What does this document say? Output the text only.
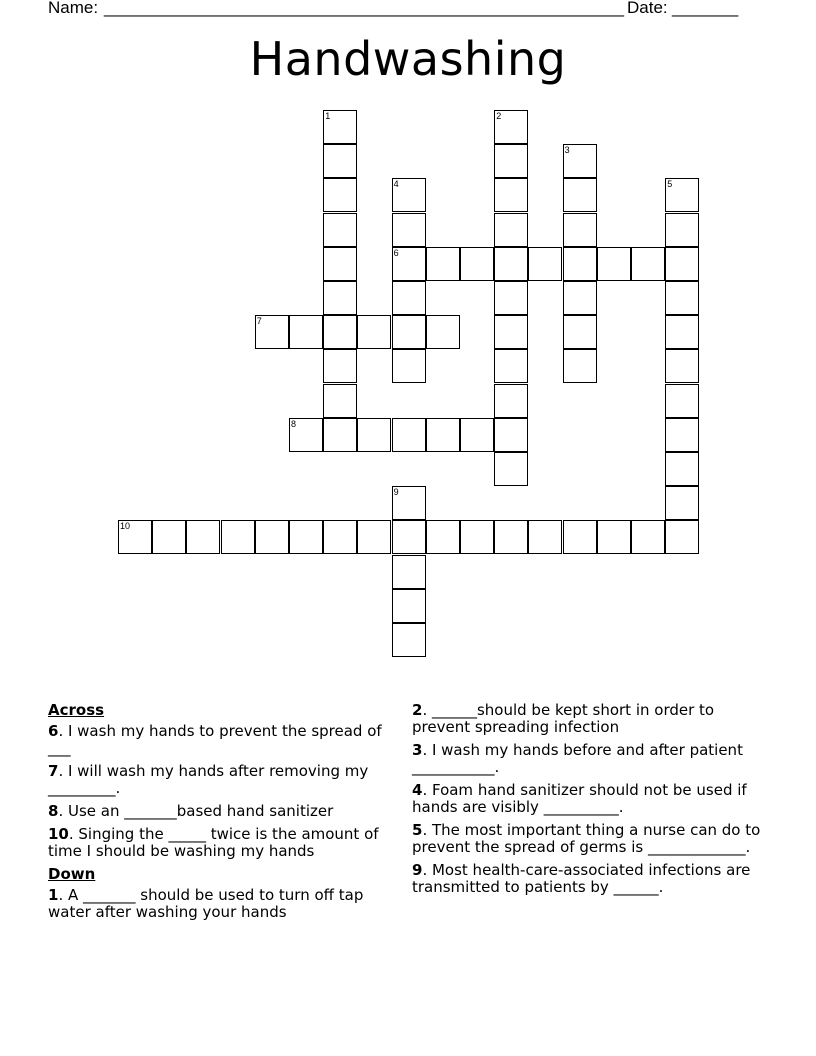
Name: _______________________________________________________ Date: _______
Handwashing
1	2
3
4
6
5
7
8
9
10
Across
6. I wash my hands to prevent the spread of ___
7. I will wash my hands after removing my _________.
8. Use an _______based hand sanitizer
10. Singing the _____ twice is the amount of time I should be washing my hands
Down
1. A _______ should be used to turn off tap water after washing your hands
2. ______should be kept short in order to prevent spreading infection
3. I wash my hands before and after patient ___________.
4. Foam hand sanitizer should not be used if hands are visibly __________.
5. The most important thing a nurse can do to prevent the spread of germs is _____________.
9. Most health-care-associated infections are transmitted to patients by ______.
